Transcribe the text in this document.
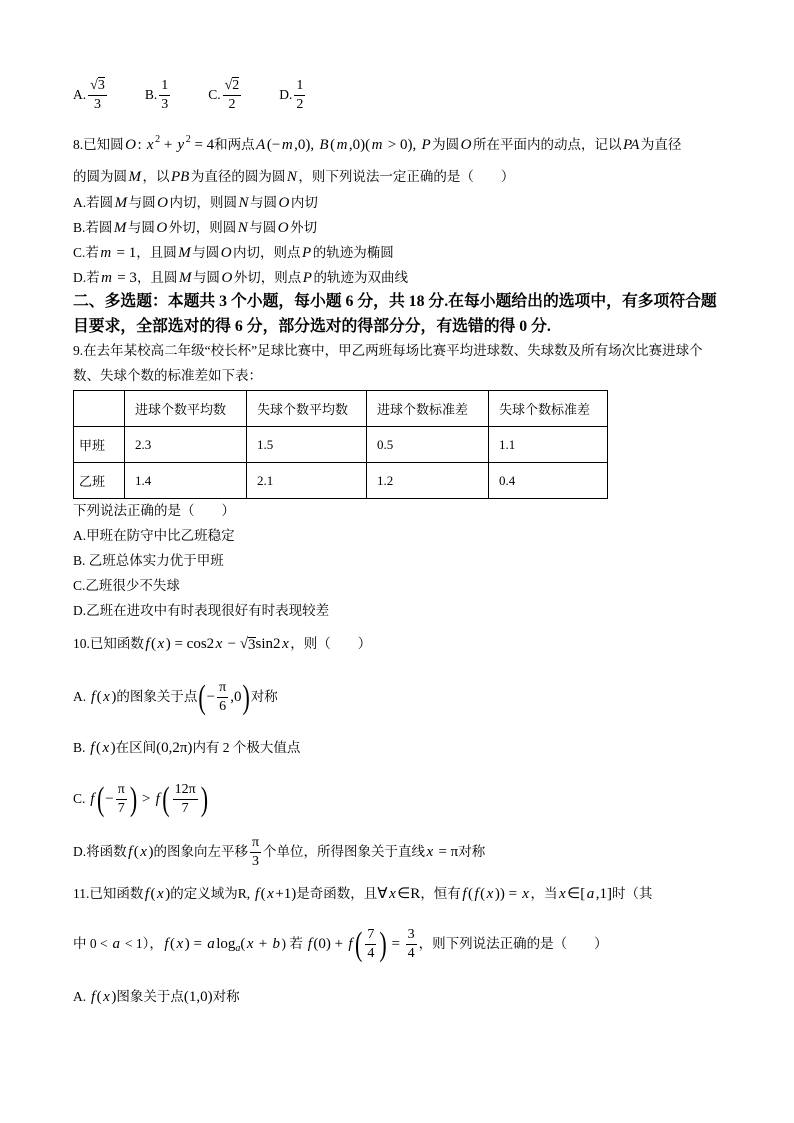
A. $\frac{√3}{3}$	B. $\frac{1}{3}$	C. $\frac{√2}{2}$	D. $\frac{1}{2}$
8.已知圆 O : x 2 + y 2 = 4 和两点 A (− m ,0), B ( m ,0)( m > 0), P 为圆 O 所在平面内的动点，记以 PA 为直径
的圆为圆 M ，以 PB 为直径的圆为圆 N ，则下列说法一定正确的是（　　）
A.若圆 M 与圆 O 内切，则圆 N 与圆 O 内切
B.若圆 M 与圆 O 外切，则圆 N 与圆 O 外切
C.若 m = 1 ，且圆 M 与圆 O 内切，则点 P 的轨迹为椭圆
D.若 m = 3 ，且圆 M 与圆 O 外切，则点 P 的轨迹为双曲线
二、多选题：本题共 3 个小题，每小题 6 分，共 18 分.在每小题给出的选项中，有多项符合题
目要求，全部选对的得 6 分，部分选对的得部分分，有选错的得 0 分.
9.在去年某校高二年级“校长杯”足球比赛中，甲乙两班每场比赛平均进球数、失球数及所有场次比赛进球个
数、失球个数的标准差如下表：
	进球个数平均数	失球个数平均数	进球个数标准差	失球个数标准差
甲班	2.3	1.5	0.5	1.1
乙班	1.4	2.1	1.2	0.4
下列说法正确的是（　　）
A.甲班在防守中比乙班稳定
B. 乙班总体实力优于甲班
C.乙班很少不失球
D.乙班在进攻中有时表现很好有时表现较差
10.已知函数 f ( x ) = cos2 x − √ 3 sin2 x ，则（　　）
A. f ( x ) 的图象关于点 ( − $\frac{\pi}{6} ,0$ ) 对称
B. f ( x ) 在区间 (0,2π) 内有 2 个极大值点
C. f ( − $\frac{\pi}{7}$ ) > f ( $\frac{12\pi}{7}$ )
D.将函数 f ( x ) 的图象向左平移 $\frac{\pi}{3}$ 个单位，所得图象关于直线 x = π 对称
11.已知函数 f ( x ) 的定义域为R, f ( x +1) 是奇函数，且 ∀ x ∈R ，恒有 f ( f ( x )) = x ，当 x ∈[ a ,1] 时（其
中 0 < a < 1）， f ( x ) = a log a ( x + b ) 若 f (0) + f ( $\frac{7}{4}$ ) = $\frac{3}{4}$ ，则下列说法正确的是（　　）
A. f ( x ) 图象关于点 (1,0) 对称
